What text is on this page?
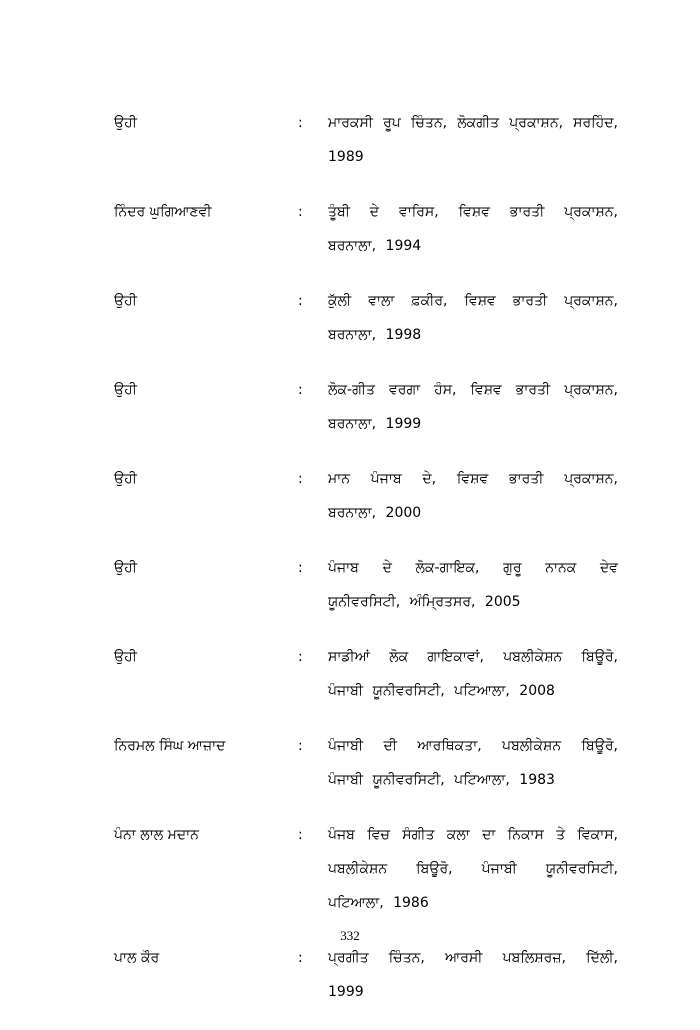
ਉਹੀ	:	ਮਾਰਕਸੀ ਰੂਪ ਚਿੰਤਨ, ਲੋਕਗੀਤ ਪ੍ਰਕਾਸ਼ਨ, ਸਰਹਿੰਦ, 1989
ਨਿੰਦਰ ਘੁਗਿਆਣਵੀ	:	ਤੂੰਬੀ ਦੇ ਵਾਰਿਸ, ਵਿਸ਼ਵ ਭਾਰਤੀ ਪ੍ਰਕਾਸ਼ਨ, ਬਰਨਾਲਾ, 1994
ਉਹੀ	:	ਕੁੱਲੀ ਵਾਲਾ ਫ਼ਕੀਰ, ਵਿਸ਼ਵ ਭਾਰਤੀ ਪ੍ਰਕਾਸ਼ਨ, ਬਰਨਾਲਾ, 1998
ਉਹੀ	:	ਲੋਕ-ਗੀਤ ਵਰਗਾ ਹੰਸ, ਵਿਸ਼ਵ ਭਾਰਤੀ ਪ੍ਰਕਾਸ਼ਨ, ਬਰਨਾਲਾ, 1999
ਉਹੀ	:	ਮਾਨ ਪੰਜਾਬ ਦੇ, ਵਿਸ਼ਵ ਭਾਰਤੀ ਪ੍ਰਕਾਸ਼ਨ, ਬਰਨਾਲਾ, 2000
ਉਹੀ	:	ਪੰਜਾਬ ਦੇ ਲੋਕ-ਗਾਇਕ, ਗੁਰੂ ਨਾਨਕ ਦੇਵ ਯੂਨੀਵਰਸਿਟੀ, ਅੰਮ੍ਰਿਤਸਰ, 2005
ਉਹੀ	:	ਸਾਡੀਆਂ ਲੋਕ ਗਾਇਕਾਵਾਂ, ਪਬਲੀਕੇਸ਼ਨ ਬਿਊਰੋ, ਪੰਜਾਬੀ ਯੂਨੀਵਰਸਿਟੀ, ਪਟਿਆਲਾ, 2008
ਨਿਰਮਲ ਸਿੰਘ ਆਜ਼ਾਦ	:	ਪੰਜਾਬੀ ਦੀ ਆਰਥਿਕਤਾ, ਪਬਲੀਕੇਸ਼ਨ ਬਿਊਰੋ, ਪੰਜਾਬੀ ਯੂਨੀਵਰਸਿਟੀ, ਪਟਿਆਲਾ, 1983
ਪੰਨਾ ਲਾਲ ਮਦਾਨ	:	ਪੰਜਬ ਵਿਚ ਸੰਗੀਤ ਕਲਾ ਦਾ ਨਿਕਾਸ ਤੇ ਵਿਕਾਸ, ਪਬਲੀਕੇਸ਼ਨ ਬਿਊਰੋ, ਪੰਜਾਬੀ ਯੂਨੀਵਰਸਿਟੀ, ਪਟਿਆਲਾ, 1986
ਪਾਲ ਕੌਰ	:	ਪ੍ਰਗੀਤ ਚਿੰਤਨ, ਆਰਸੀ ਪਬਲਿਸ਼ਰਜ਼, ਦਿੱਲੀ, 1999
332
